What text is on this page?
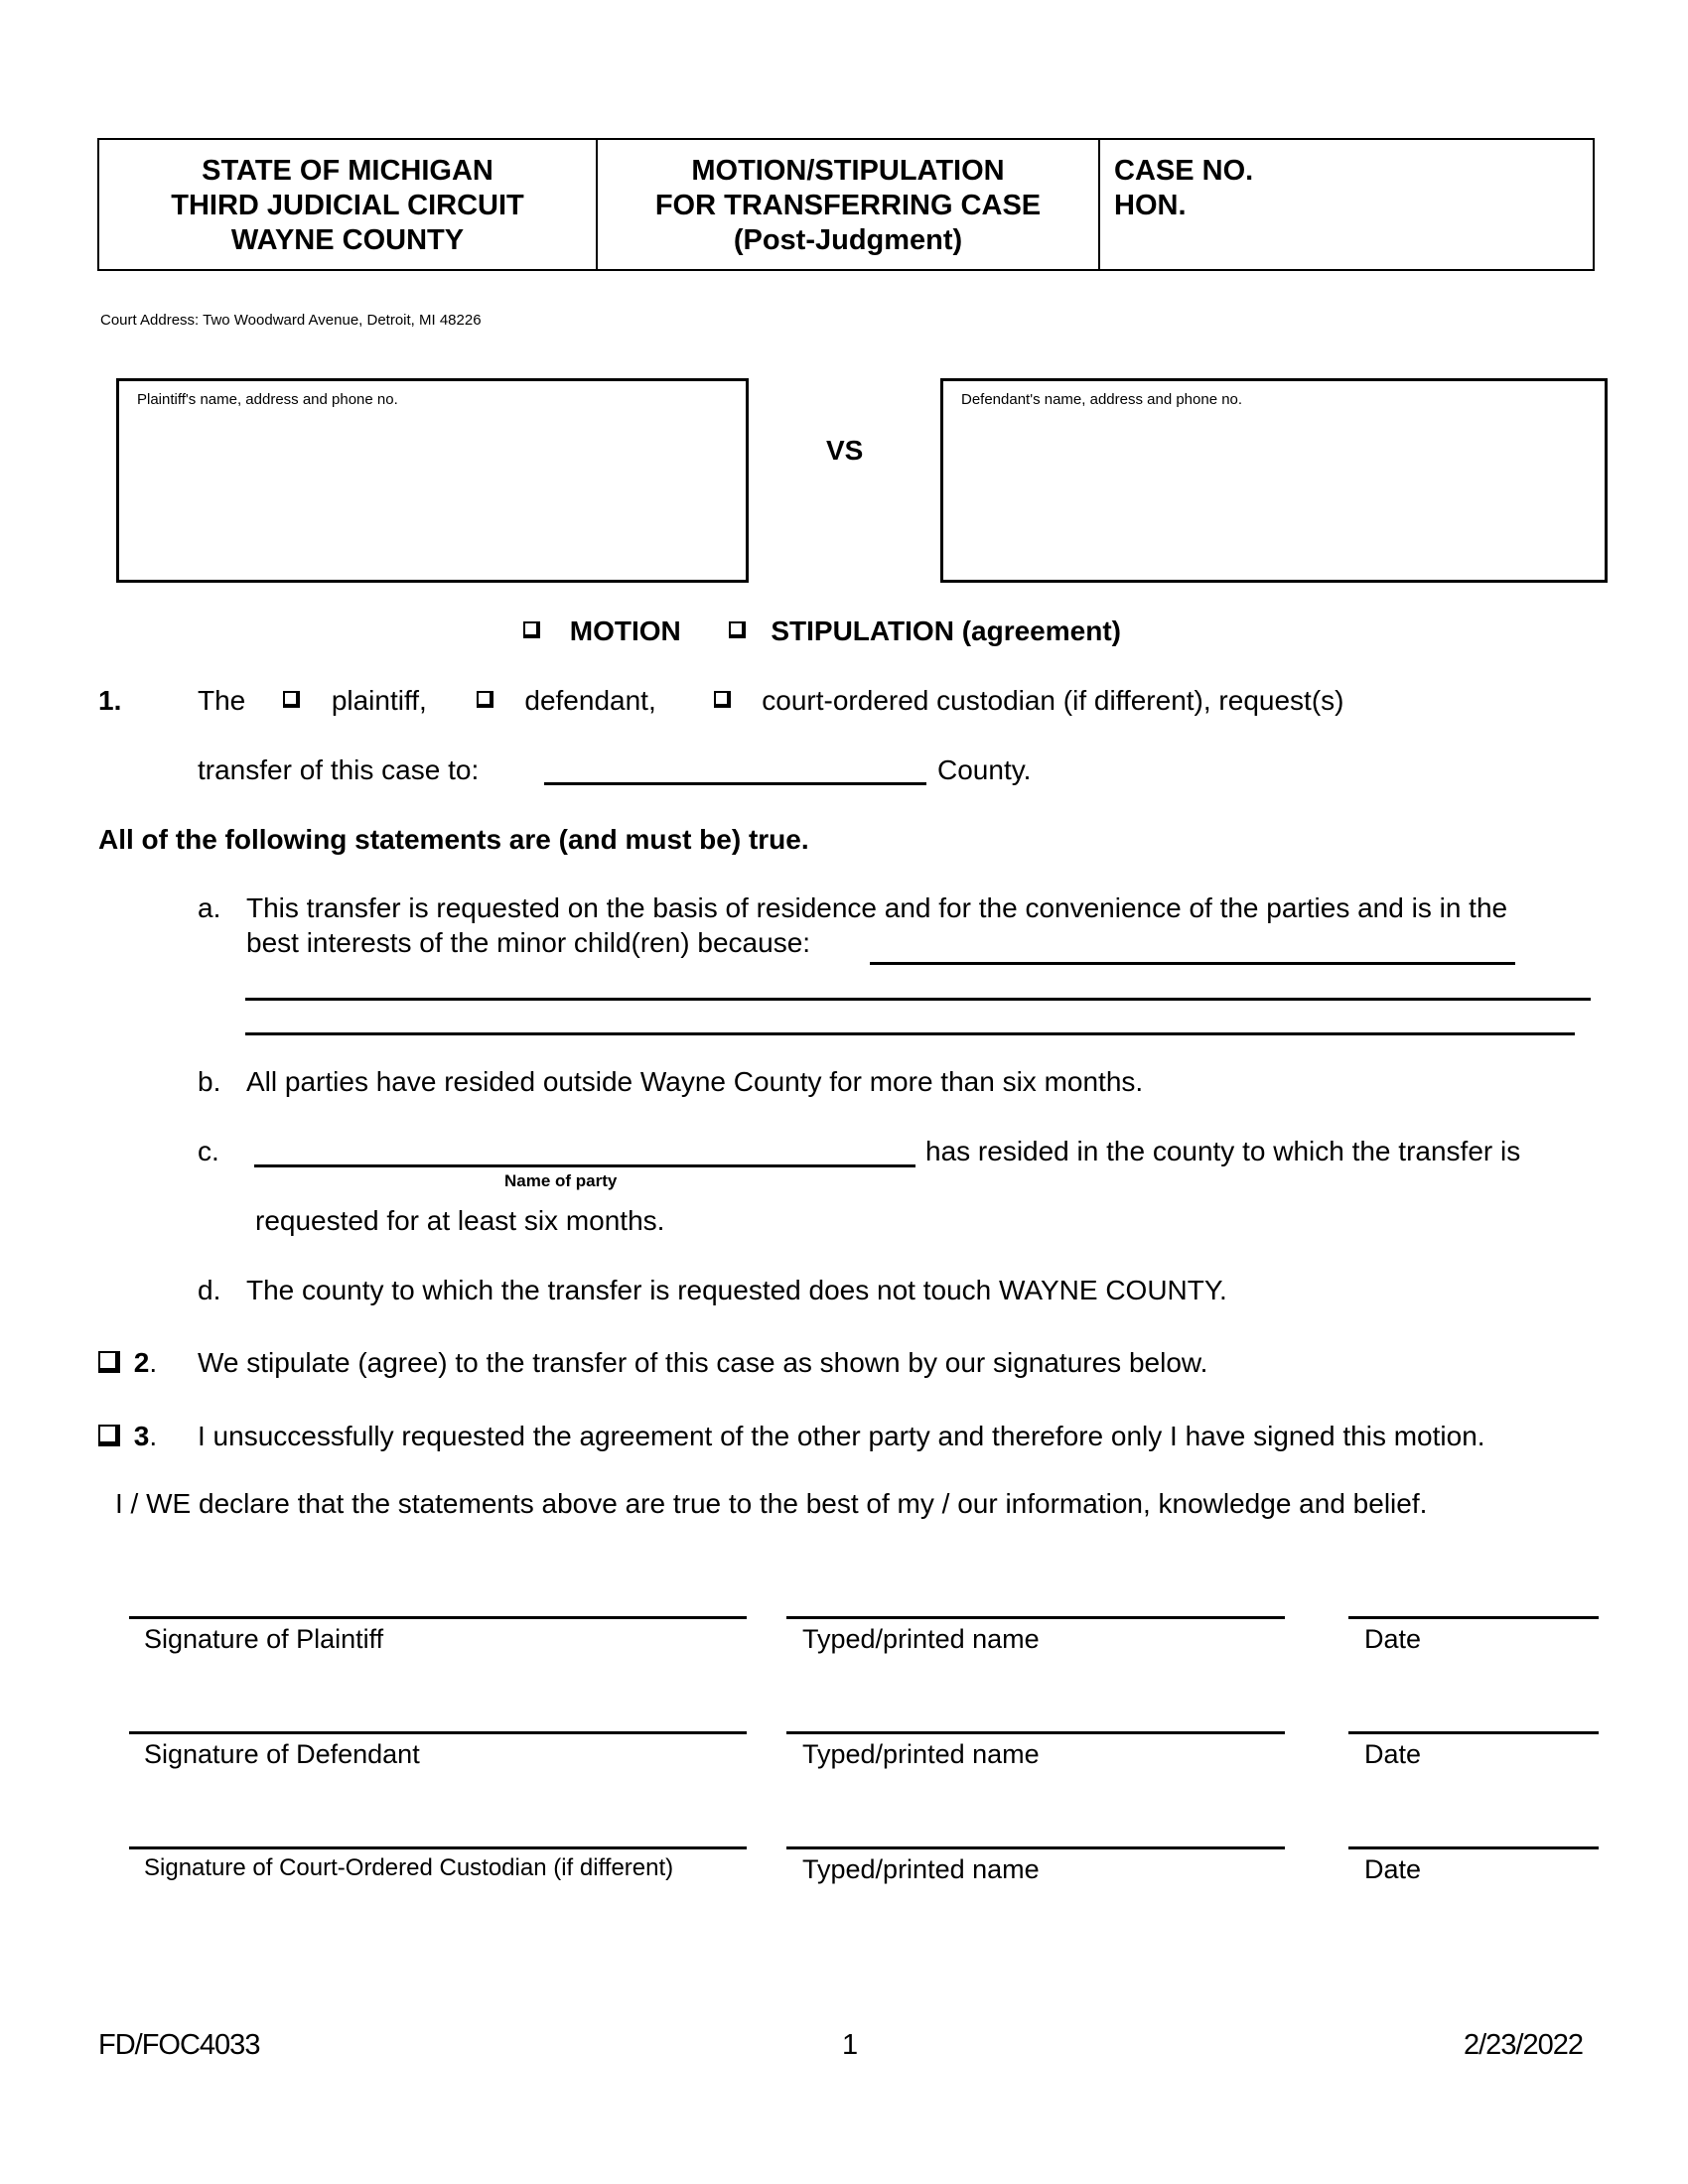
STATE OF MICHIGAN
THIRD JUDICIAL CIRCUIT
WAYNE COUNTY
MOTION/STIPULATION
FOR TRANSFERRING CASE
(Post-Judgment)
CASE NO.
HON.
Court Address: Two Woodward Avenue, Detroit, MI 48226
Plaintiff's name, address and phone no.
VS
Defendant's name, address and phone no.
MOTION	STIPULATION (agreement)
1.	The	plaintiff,	defendant,	court-ordered custodian (if different), request(s)
transfer of this case to:	County.
All of the following statements are (and must be) true.
a. This transfer is requested on the basis of residence and for the convenience of the parties and is in the
best interests of the minor child(ren) because:
b. All parties have resided outside Wayne County for more than six months.
c.
Name of party
has resided in the county to which the transfer is
requested for at least six months.
d. The county to which the transfer is requested does not touch WAYNE COUNTY.
2. We stipulate (agree) to the transfer of this case as shown by our signatures below.
3. I unsuccessfully requested the agreement of the other party and therefore only I have signed this motion.
I / WE declare that the statements above are true to the best of my / our information, knowledge and belief.
Signature of Plaintiff	Typed/printed name	Date
Signature of Defendant	Typed/printed name	Date
Signature of Court-Ordered Custodian (if different)	Typed/printed name	Date
FD/FOC4033	1	2/23/2022
